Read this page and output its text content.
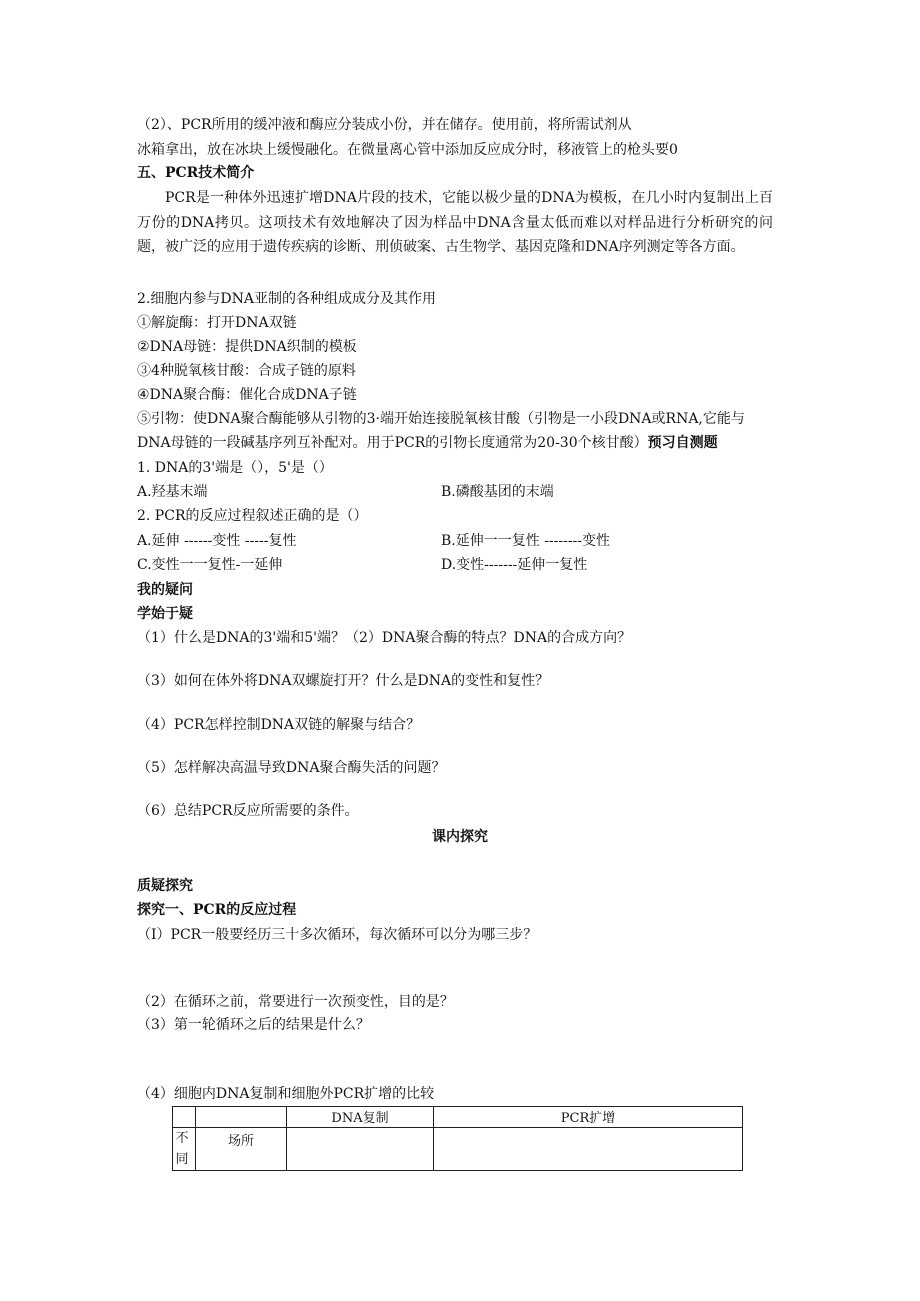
（2）、PCR所用的缓冲液和酶应分装成小份，并在储存。使用前，将所需试剂从
冰箱拿出，放在冰块上缓慢融化。在微量离心管中添加反应成分时，移液管上的枪头要0
五、PCR技术简介
PCR是一种体外迅速扩增DNA片段的技术，它能以极少量的DNA为模板，在几小时内复制出上百万份的DNA拷贝。这项技术有效地解决了因为样品中DNA含量太低而难以对样品进行分析研究的问题，被广泛的应用于遗传疾病的诊断、刑侦破案、古生物学、基因克隆和DNA序列测定等各方面。
2.细胞内参与DNA亚制的各种组成成分及其作用
①解旋酶：打开DNA双链
②DNA母链：提供DNA织制的模板
③4种脱氧核甘酸：合成子链的原料
④DNA聚合酶：催化合成DNA子链
⑤引物：使DNA聚合酶能够从引物的3·端开始连接脱氧核甘酸（引物是一小段DNA或RNA,它能与
DNA母链的一段碱基序列互补配对。用于PCR的引物长度通常为20-30个核甘酸）预习自测题
1. DNA的3'端是（），5'是（）
A.羟基末端	B.磷酸基团的末端
2. PCR的反应过程叙述正确的是（）
A.延伸 ------变性 -----复性	B.延伸一一复性 --------变性
C.变性一一复性-一延伸	D.变性-------延伸一复性
我的疑问
学始于疑
（1）什么是DNA的3'端和5'端？（2）DNA聚合酶的特点？DNA的合成方向？
（3）如何在体外将DNA双螺旋打开？什么是DNA的变性和复性？
（4）PCR怎样控制DNA双链的解聚与结合？
（5）怎样解决高温导致DNA聚合酶失活的问题？
（6）总结PCR反应所需要的条件。
课内探究
质疑探究
探究一、PCR的反应过程
（I）PCR一般要经历三十多次循环，每次循环可以分为哪三步？
（2）在循环之前，常要进行一次预变性，目的是？
（3）第一轮循环之后的结果是什么？
（4）细胞内DNA复制和细胞外PCR扩增的比较
		DNA复制	PCR扩增

不同	场所		
